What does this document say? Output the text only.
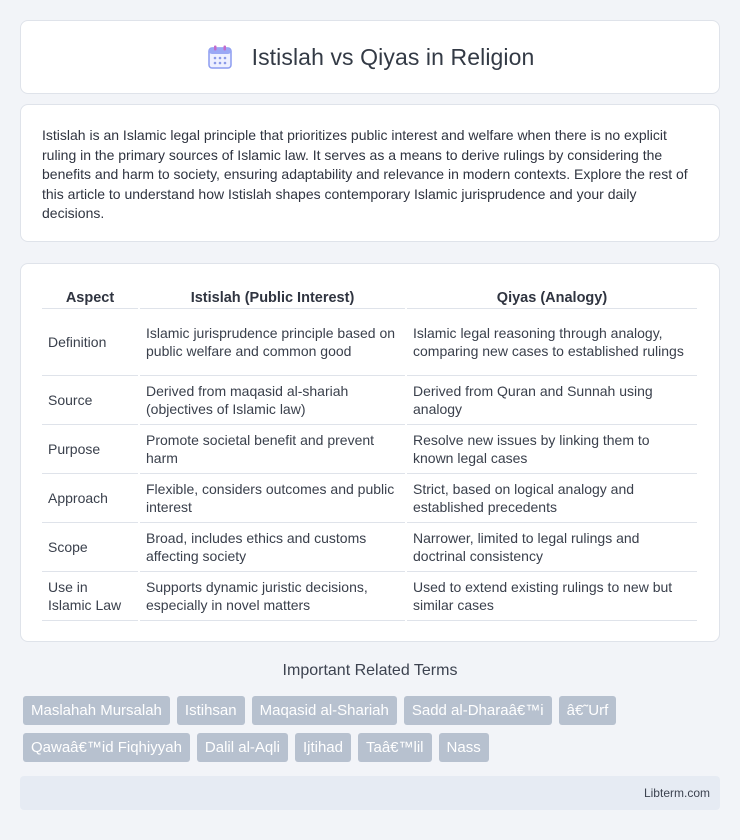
Istislah vs Qiyas in Religion

Istislah is an Islamic legal principle that prioritizes public interest and welfare when there is no explicit ruling in the primary sources of Islamic law. It serves as a means to derive rulings by considering the benefits and harm to society, ensuring adaptability and relevance in modern contexts. Explore the rest of this article to understand how Istislah shapes contemporary Islamic jurisprudence and your daily decisions.

Aspect	Istislah (Public Interest)	Qiyas (Analogy)
Definition	Islamic jurisprudence principle based on public welfare and common good	Islamic legal reasoning through analogy, comparing new cases to established rulings
Source	Derived from maqasid al-shariah (objectives of Islamic law)	Derived from Quran and Sunnah using analogy
Purpose	Promote societal benefit and prevent harm	Resolve new issues by linking them to known legal cases
Approach	Flexible, considers outcomes and public interest	Strict, based on logical analogy and established precedents
Scope	Broad, includes ethics and customs affecting society	Narrower, limited to legal rulings and doctrinal consistency
Use in Islamic Law	Supports dynamic juristic decisions, especially in novel matters	Used to extend existing rulings to new but similar cases
Important Related Terms
Maslahah Mursalah	Istihsan	Maqasid al-Shariah	Sadd al-Dharaâ€™i	â€˜Urf
Qawaâ€™id Fiqhiyyah	Dalil al-Aqli	Ijtihad	Taâ€™lil	Nass
Libterm.com
